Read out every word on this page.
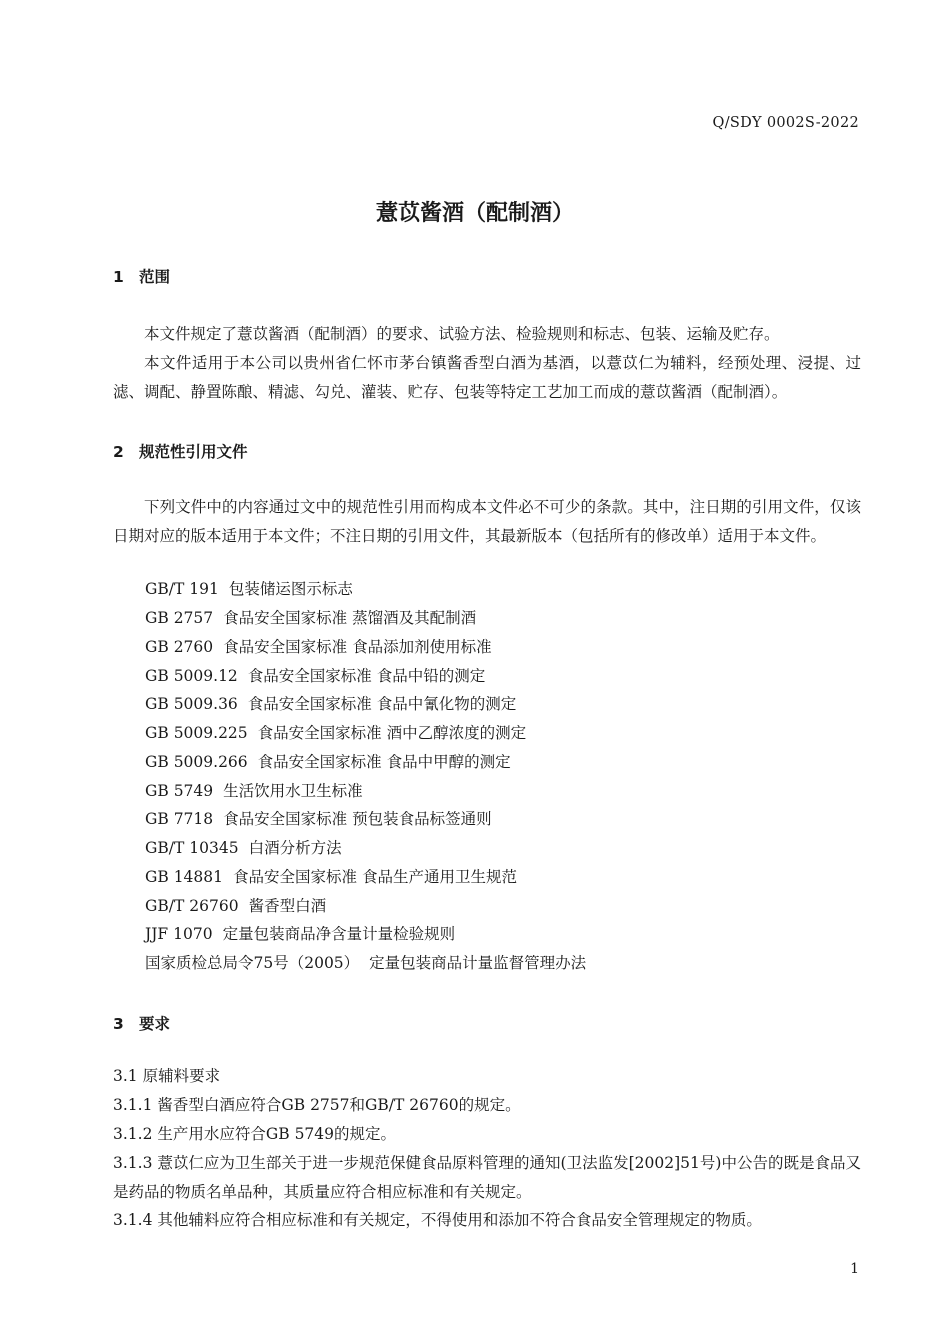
Q/SDY 0002S-2022
薏苡酱酒（配制酒）
1 范围
本文件规定了薏苡酱酒（配制酒）的要求、试验方法、检验规则和标志、包装、运输及贮存。
本文件适用于本公司以贵州省仁怀市茅台镇酱香型白酒为基酒，以薏苡仁为辅料，经预处理、浸提、过滤、调配、静置陈酿、精滤、勾兑、灌装、贮存、包装等特定工艺加工而成的薏苡酱酒（配制酒）。
2 规范性引用文件
下列文件中的内容通过文中的规范性引用而构成本文件必不可少的条款。其中，注日期的引用文件，仅该日期对应的版本适用于本文件；不注日期的引用文件，其最新版本（包括所有的修改单）适用于本文件。
GB/T 191 包装储运图示标志
GB 2757 食品安全国家标准 蒸馏酒及其配制酒
GB 2760 食品安全国家标准 食品添加剂使用标准
GB 5009.12 食品安全国家标准 食品中铅的测定
GB 5009.36 食品安全国家标准 食品中氰化物的测定
GB 5009.225 食品安全国家标准 酒中乙醇浓度的测定
GB 5009.266 食品安全国家标准 食品中甲醇的测定
GB 5749 生活饮用水卫生标准
GB 7718 食品安全国家标准 预包装食品标签通则
GB/T 10345 白酒分析方法
GB 14881 食品安全国家标准 食品生产通用卫生规范
GB/T 26760 酱香型白酒
JJF 1070 定量包装商品净含量计量检验规则
国家质检总局令75号（2005） 定量包装商品计量监督管理办法
3 要求
3.1 原辅料要求
3.1.1 酱香型白酒应符合GB 2757和GB/T 26760的规定。
3.1.2 生产用水应符合GB 5749的规定。
3.1.3 薏苡仁应为卫生部关于进一步规范保健食品原料管理的通知(卫法监发[2002]51号)中公告的既是食品又是药品的物质名单品种，其质量应符合相应标准和有关规定。
3.1.4 其他辅料应符合相应标准和有关规定，不得使用和添加不符合食品安全管理规定的物质。
1
